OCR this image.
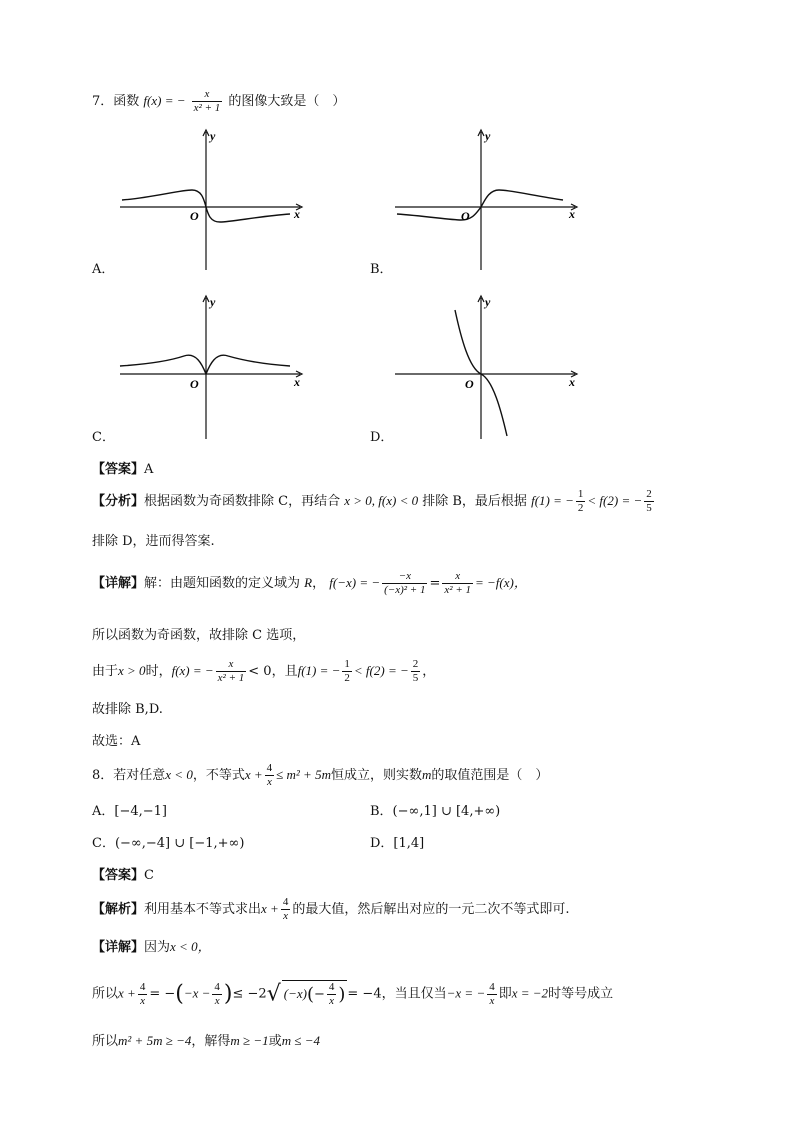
7．函数 f(x) = − $\frac{x}{\text{x² + 1}}$ 的图像大致是（　）
y
x
O
A．
y
x
O
B．
y
x
O
C．
y
x
O
D．
【答案】A
【分析】根据函数为奇函数排除 C，再结合 x > 0, f(x) < 0 排除 B，最后根据 f(1) = − $\frac{1}{2} < f(2)$ = − $\frac{2}{5}$
排除 D，进而得答案.
【详解】解：由题知函数的定义域为 R， f(−x) = − $\frac{-x}{\text{(−x)² + 1}} = \frac{x}{\text{x² + 1}} = -f(x)$，
所以函数为奇函数，故排除 C 选项，
由于x > 0时，f(x) = − $\frac{x}{\text{x² + 1}} < 0$，且f(1) = − $\frac{1}{2} < f(2)$ = − $\frac{2}{5}$ ，
故排除 B,D.
故选：A
8．若对任意x < 0，不等式$x + \frac{4}{x} \le m^2 + 5m$恒成立，则实数m的取值范围是（　）
A．[−4,−1]	B．(−∞,1] ∪ [4,+∞)
C．(−∞,−4] ∪ [−1,+∞)	D．[1,4]
【答案】C
【解析】利用基本不等式求出$x + \frac{4}{x}$ 的最大值，然后解出对应的一元二次不等式即可.
【详解】因为x < 0，
所以$x + \frac{4}{x} = -(-x - \frac{4}{x}$ )≤ −2√ $(-x)(- \frac{4}{x}$ ) = −4，当且仅当−x = − $\frac{4}{x}$ 即x = −2时等号成立
所以m² + 5m ≥ −4，解得m ≥ −1或m ≤ −4
